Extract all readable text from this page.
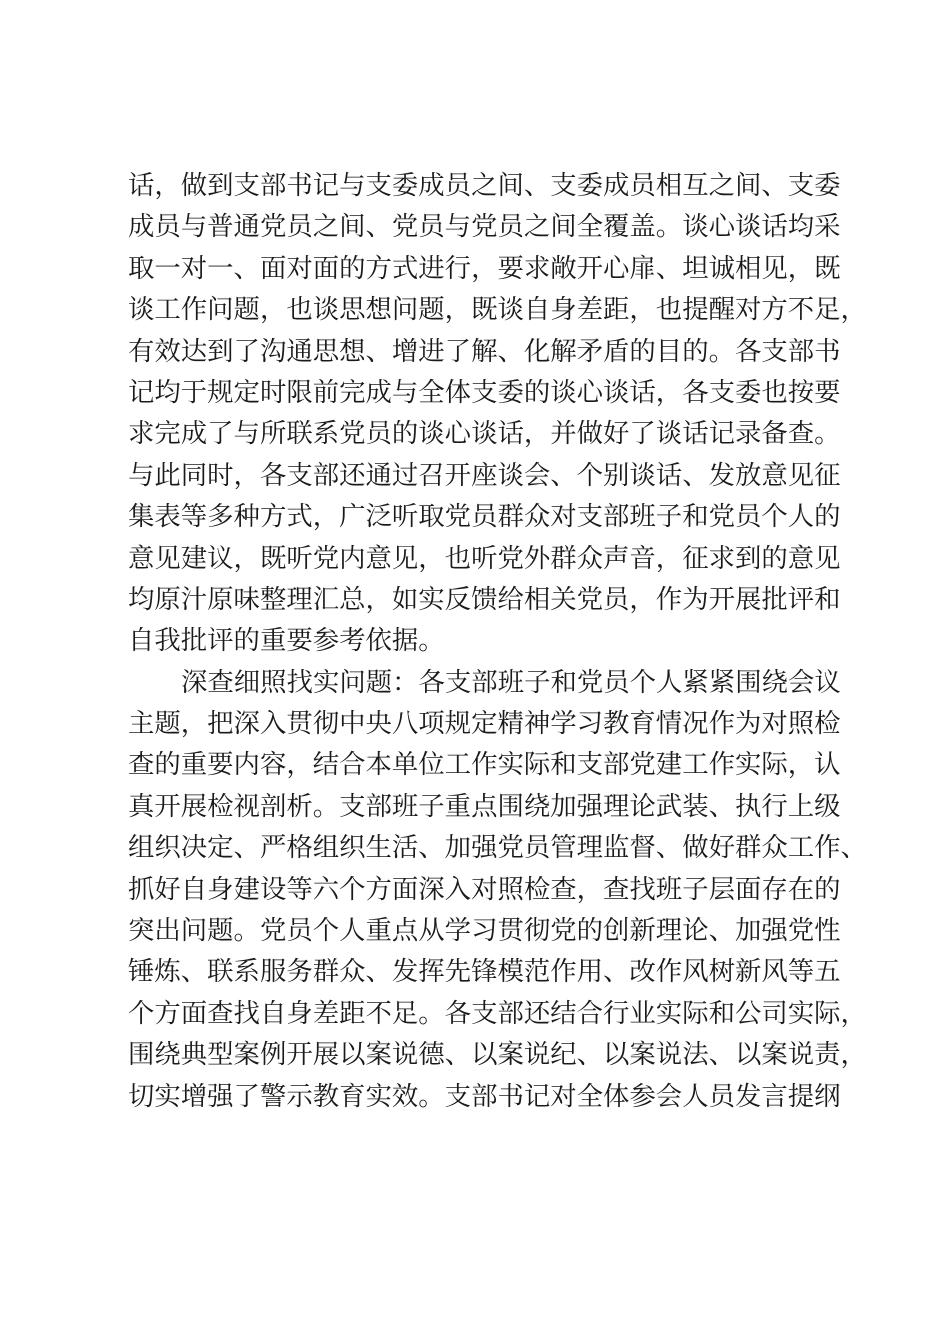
话，做到支部书记与支委成员之间、支委成员相互之间、支委
成员与普通党员之间、党员与党员之间全覆盖。谈心谈话均采
取一对一、面对面的方式进行，要求敞开心扉、坦诚相见，既
谈工作问题，也谈思想问题，既谈自身差距，也提醒对方不足，
有效达到了沟通思想、增进了解、化解矛盾的目的。各支部书
记均于规定时限前完成与全体支委的谈心谈话，各支委也按要
求完成了与所联系党员的谈心谈话，并做好了谈话记录备查。
与此同时，各支部还通过召开座谈会、个别谈话、发放意见征
集表等多种方式，广泛听取党员群众对支部班子和党员个人的
意见建议，既听党内意见，也听党外群众声音，征求到的意见
均原汁原味整理汇总，如实反馈给相关党员，作为开展批评和
自我批评的重要参考依据。
深查细照找实问题：各支部班子和党员个人紧紧围绕会议
主题，把深入贯彻中央八项规定精神学习教育情况作为对照检
查的重要内容，结合本单位工作实际和支部党建工作实际，认
真开展检视剖析。支部班子重点围绕加强理论武装、执行上级
组织决定、严格组织生活、加强党员管理监督、做好群众工作、
抓好自身建设等六个方面深入对照检查，查找班子层面存在的
突出问题。党员个人重点从学习贯彻党的创新理论、加强党性
锤炼、联系服务群众、发挥先锋模范作用、改作风树新风等五
个方面查找自身差距不足。各支部还结合行业实际和公司实际，
围绕典型案例开展以案说德、以案说纪、以案说法、以案说责，
切实增强了警示教育实效。支部书记对全体参会人员发言提纲
